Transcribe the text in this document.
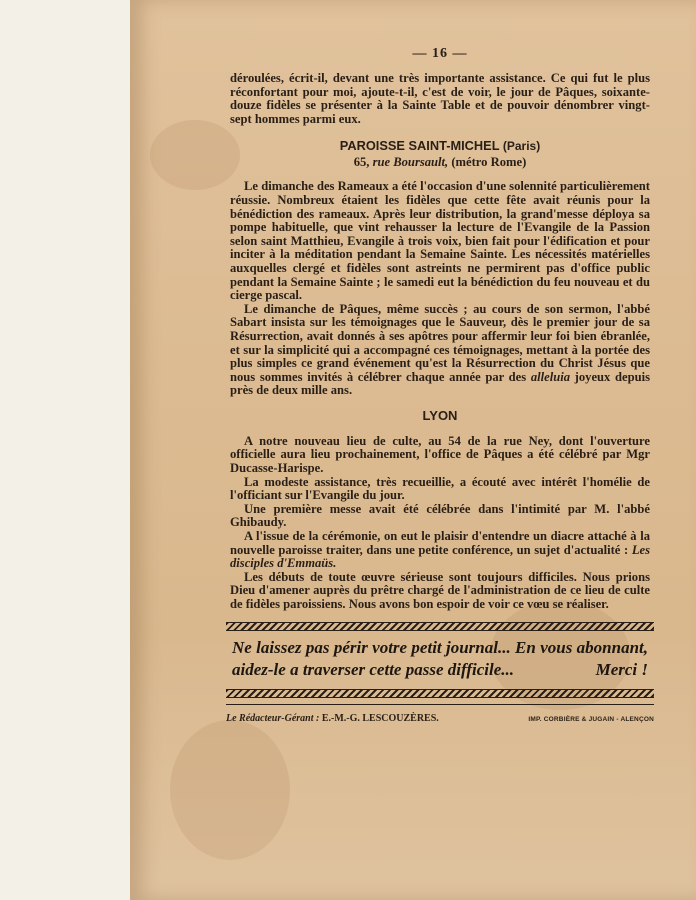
— 16 —

déroulées, écrit-il, devant une très importante assistance. Ce qui fut le plus réconfortant pour moi, ajoute-t-il, c'est de voir, le jour de Pâques, soixante-douze fidèles se présenter à la Sainte Table et de pouvoir dénombrer vingt-sept hommes parmi eux.

PAROISSE SAINT-MICHEL (Paris)
65, rue Boursault, (métro Rome)

Le dimanche des Rameaux a été l'occasion d'une solennité particulièrement réussie. Nombreux étaient les fidèles que cette fête avait réunis pour la bénédiction des rameaux. Après leur distribution, la grand'messe déploya sa pompe habituelle, que vint rehausser la lecture de l'Evangile de la Passion selon saint Matthieu, Evangile à trois voix, bien fait pour l'édification et pour inciter à la méditation pendant la Semaine Sainte. Les nécessités matérielles auxquelles clergé et fidèles sont astreints ne permirent pas d'office public pendant la Semaine Sainte ; le samedi eut la bénédiction du feu nouveau et du cierge pascal.

Le dimanche de Pâques, même succès ; au cours de son sermon, l'abbé Sabart insista sur les témoignages que le Sauveur, dès le premier jour de sa Résurrection, avait donnés à ses apôtres pour affermir leur foi bien ébranlée, et sur la simplicité qui a accompagné ces témoignages, mettant à la portée des plus simples ce grand événement qu'est la Résurrection du Christ Jésus que nous sommes invités à célébrer chaque année par des alleluia joyeux depuis près de deux mille ans.

LYON

A notre nouveau lieu de culte, au 54 de la rue Ney, dont l'ouverture officielle aura lieu prochainement, l'office de Pâques a été célébré par Mgr Ducasse-Harispe.

La modeste assistance, très recueillie, a écouté avec intérêt l'homélie de l'officiant sur l'Evangile du jour.

Une première messe avait été célébrée dans l'intimité par M. l'abbé Ghibaudy.

A l'issue de la cérémonie, on eut le plaisir d'entendre un diacre attaché à la nouvelle paroisse traiter, dans une petite conférence, un sujet d'actualité : Les disciples d'Emmaüs.

Les débuts de toute œuvre sérieuse sont toujours difficiles. Nous prions Dieu d'amener auprès du prêtre chargé de l'administration de ce lieu de culte de fidèles paroissiens. Nous avons bon espoir de voir ce vœu se réaliser.

Ne laissez pas périr votre petit journal... En vous abonnant, aidez-le a traverser cette passe difficile...	Merci !
Le Rédacteur-Gérant : E.-M.-G. LESCOUZÈRES.	IMP. CORBIÈRE & JUGAIN - ALENÇON
